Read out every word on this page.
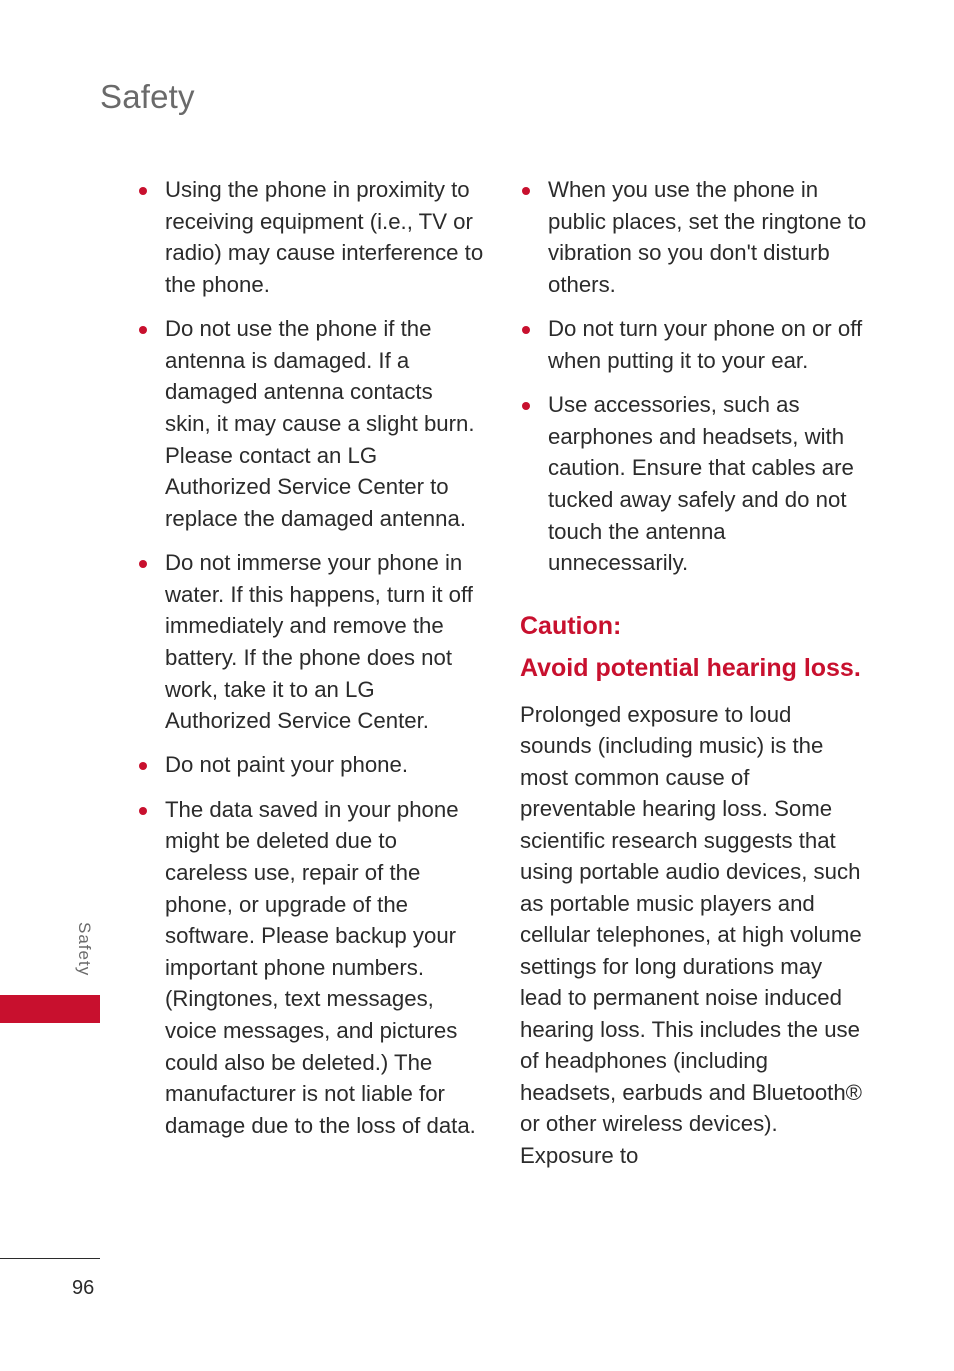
Safety
Using the phone in proximity to receiving equipment (i.e., TV or radio) may cause interference to the phone.
Do not use the phone if the antenna is damaged. If a damaged antenna contacts skin, it may cause a slight burn. Please contact an LG Authorized Service Center to replace the damaged antenna.
Do not immerse your phone in water. If this happens, turn it off immediately and remove the battery. If the phone does not work, take it to an LG Authorized Service Center.
Do not paint your phone.
The data saved in your phone might be deleted due to careless use, repair of the phone, or upgrade of the software. Please backup your important phone numbers. (Ringtones, text messages, voice messages, and pictures could also be deleted.) The manufacturer is not liable for damage due to the loss of data.
When you use the phone in public places, set the ringtone to vibration so you don't disturb others.
Do not turn your phone on or off when putting it to your ear.
Use accessories, such as earphones and headsets, with caution. Ensure that cables are tucked away safely and do not touch the antenna unnecessarily.
Caution:
Avoid potential hearing loss.

Prolonged exposure to loud sounds (including music) is the most common cause of preventable hearing loss. Some scientific research suggests that using portable audio devices, such as portable music players and cellular telephones, at high volume settings for long durations may lead to permanent noise induced hearing loss. This includes the use of headphones (including headsets, earbuds and Bluetooth® or other wireless devices). Exposure to

Safety
96
